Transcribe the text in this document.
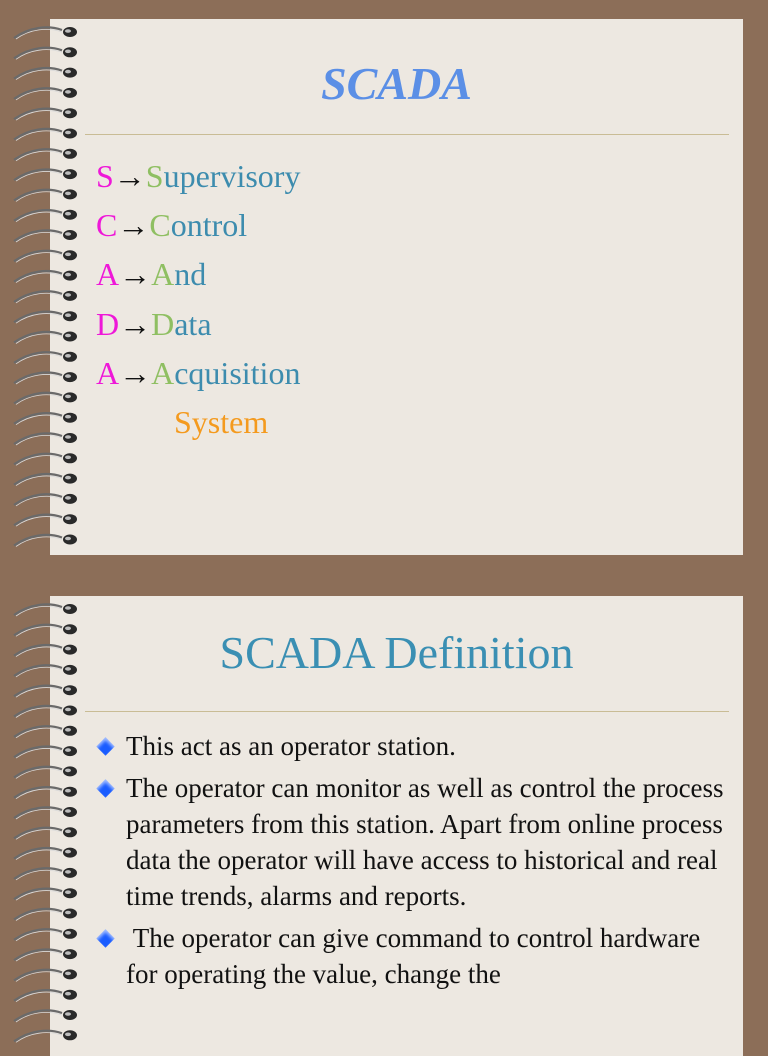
SCADA
S→Supervisory
C→Control
A→And
D→Data
A→Acquisition
System
SCADA Definition
This act as an operator station.
The operator can monitor as well as control the process parameters from this station. Apart from online process data the operator will have access to historical and real time trends, alarms and reports.
The operator can give command to control hardware for operating the value, change the
